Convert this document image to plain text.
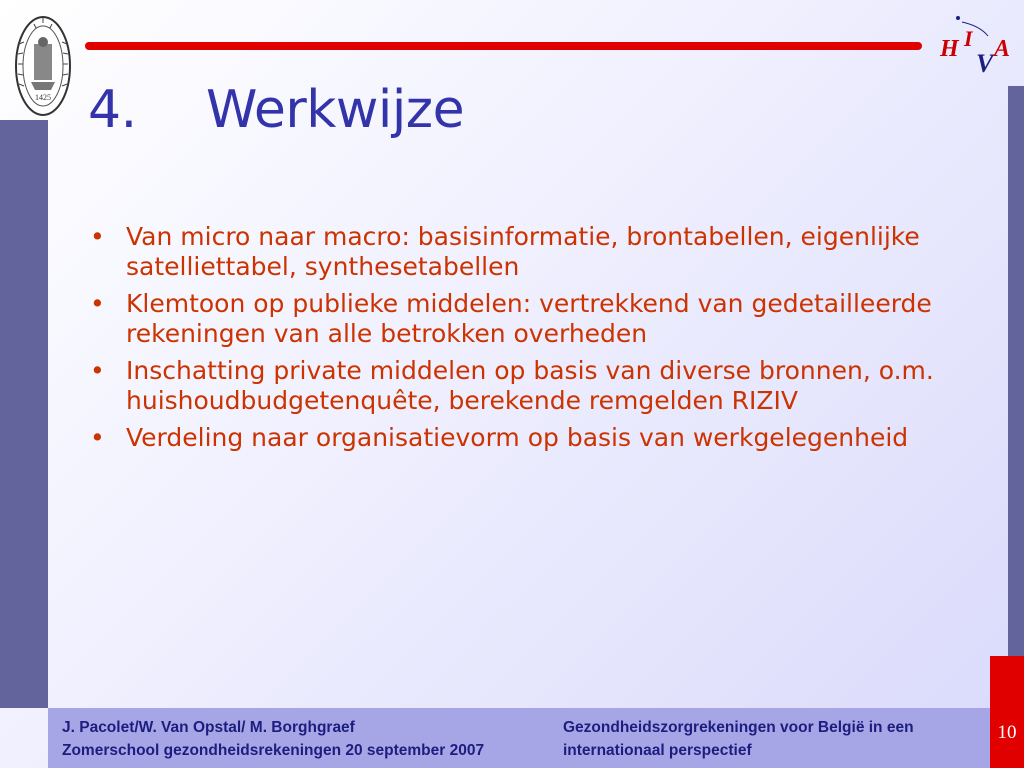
1425
H I
V A
4. Werkwijze
• Van micro naar macro: basisinformatie, brontabellen, eigenlijke satelliettabel, synthesetabellen
• Klemtoon op publieke middelen: vertrekkend van gedetailleerde rekeningen van alle betrokken overheden
• Inschatting private middelen op basis van diverse bronnen, o.m. huishoudbudgetenquête, berekende remgelden RIZIV
• Verdeling naar organisatievorm op basis van werkgelegenheid
J. Pacolet/W. Van Opstal/ M. Borghgraef
Zomerschool gezondheidsrekeningen 20 september 2007
Gezondheidszorgrekeningen voor België in een
internationaal perspectief
10
